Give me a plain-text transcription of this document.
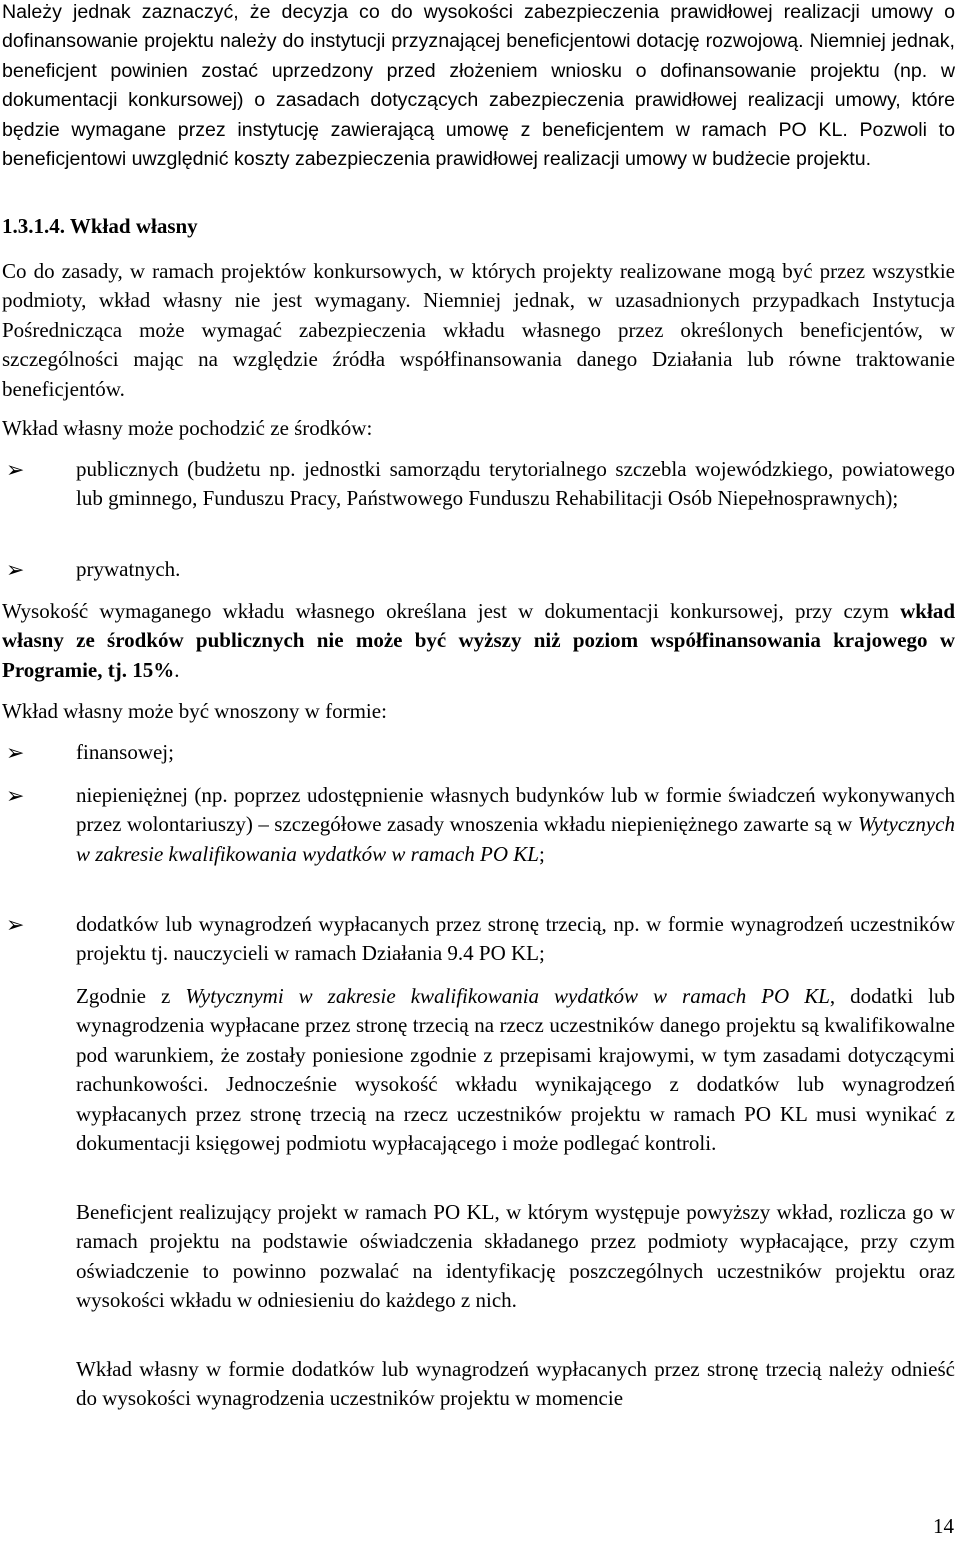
Należy jednak zaznaczyć, że decyzja co do wysokości zabezpieczenia prawidłowej realizacji umowy o dofinansowanie projektu należy do instytucji przyznającej beneficjentowi dotację rozwojową. Niemniej jednak, beneficjent powinien zostać uprzedzony przed złożeniem wniosku o dofinansowanie projektu (np. w dokumentacji konkursowej) o zasadach dotyczących zabezpieczenia prawidłowej realizacji umowy, które będzie wymagane przez instytucję zawierającą umowę z beneficjentem w ramach PO KL. Pozwoli to beneficjentowi uwzględnić koszty zabezpieczenia prawidłowej realizacji umowy w budżecie projektu.

1.3.1.4. Wkład własny

Co do zasady, w ramach projektów konkursowych, w których projekty realizowane mogą być przez wszystkie podmioty, wkład własny nie jest wymagany. Niemniej jednak, w uzasadnionych przypadkach Instytucja Pośrednicząca może wymagać zabezpieczenia wkładu własnego przez określonych beneficjentów, w szczególności mając na względzie źródła współfinansowania danego Działania lub równe traktowanie beneficjentów.

Wkład własny może pochodzić ze środków:

➢ publicznych (budżetu np. jednostki samorządu terytorialnego szczebla wojewódzkiego, powiatowego lub gminnego, Funduszu Pracy, Państwowego Funduszu Rehabilitacji Osób Niepełnosprawnych);

➢ prywatnych.

Wysokość wymaganego wkładu własnego określana jest w dokumentacji konkursowej, przy czym wkład własny ze środków publicznych nie może być wyższy niż poziom współfinansowania krajowego w Programie, tj. 15%.

Wkład własny może być wnoszony w formie:

➢ finansowej;

➢ niepieniężnej (np. poprzez udostępnienie własnych budynków lub w formie świadczeń wykonywanych przez wolontariuszy) – szczegółowe zasady wnoszenia wkładu niepieniężnego zawarte są w Wytycznych w zakresie kwalifikowania wydatków w ramach PO KL;

➢ dodatków lub wynagrodzeń wypłacanych przez stronę trzecią, np. w formie wynagrodzeń uczestników projektu tj. nauczycieli w ramach Działania 9.4 PO KL;

Zgodnie z Wytycznymi w zakresie kwalifikowania wydatków w ramach PO KL, dodatki lub wynagrodzenia wypłacane przez stronę trzecią na rzecz uczestników danego projektu są kwalifikowalne pod warunkiem, że zostały poniesione zgodnie z przepisami krajowymi, w tym zasadami dotyczącymi rachunkowości. Jednocześnie wysokość wkładu wynikającego z dodatków lub wynagrodzeń wypłacanych przez stronę trzecią na rzecz uczestników projektu w ramach PO KL musi wynikać z dokumentacji księgowej podmiotu wypłacającego i może podlegać kontroli.

Beneficjent realizujący projekt w ramach PO KL, w którym występuje powyższy wkład, rozlicza go w ramach projektu na podstawie oświadczenia składanego przez podmioty wypłacające, przy czym oświadczenie to powinno pozwalać na identyfikację poszczególnych uczestników projektu oraz wysokości wkładu w odniesieniu do każdego z nich.

Wkład własny w formie dodatków lub wynagrodzeń wypłacanych przez stronę trzecią należy odnieść do wysokości wynagrodzenia uczestników projektu w momencie

14
